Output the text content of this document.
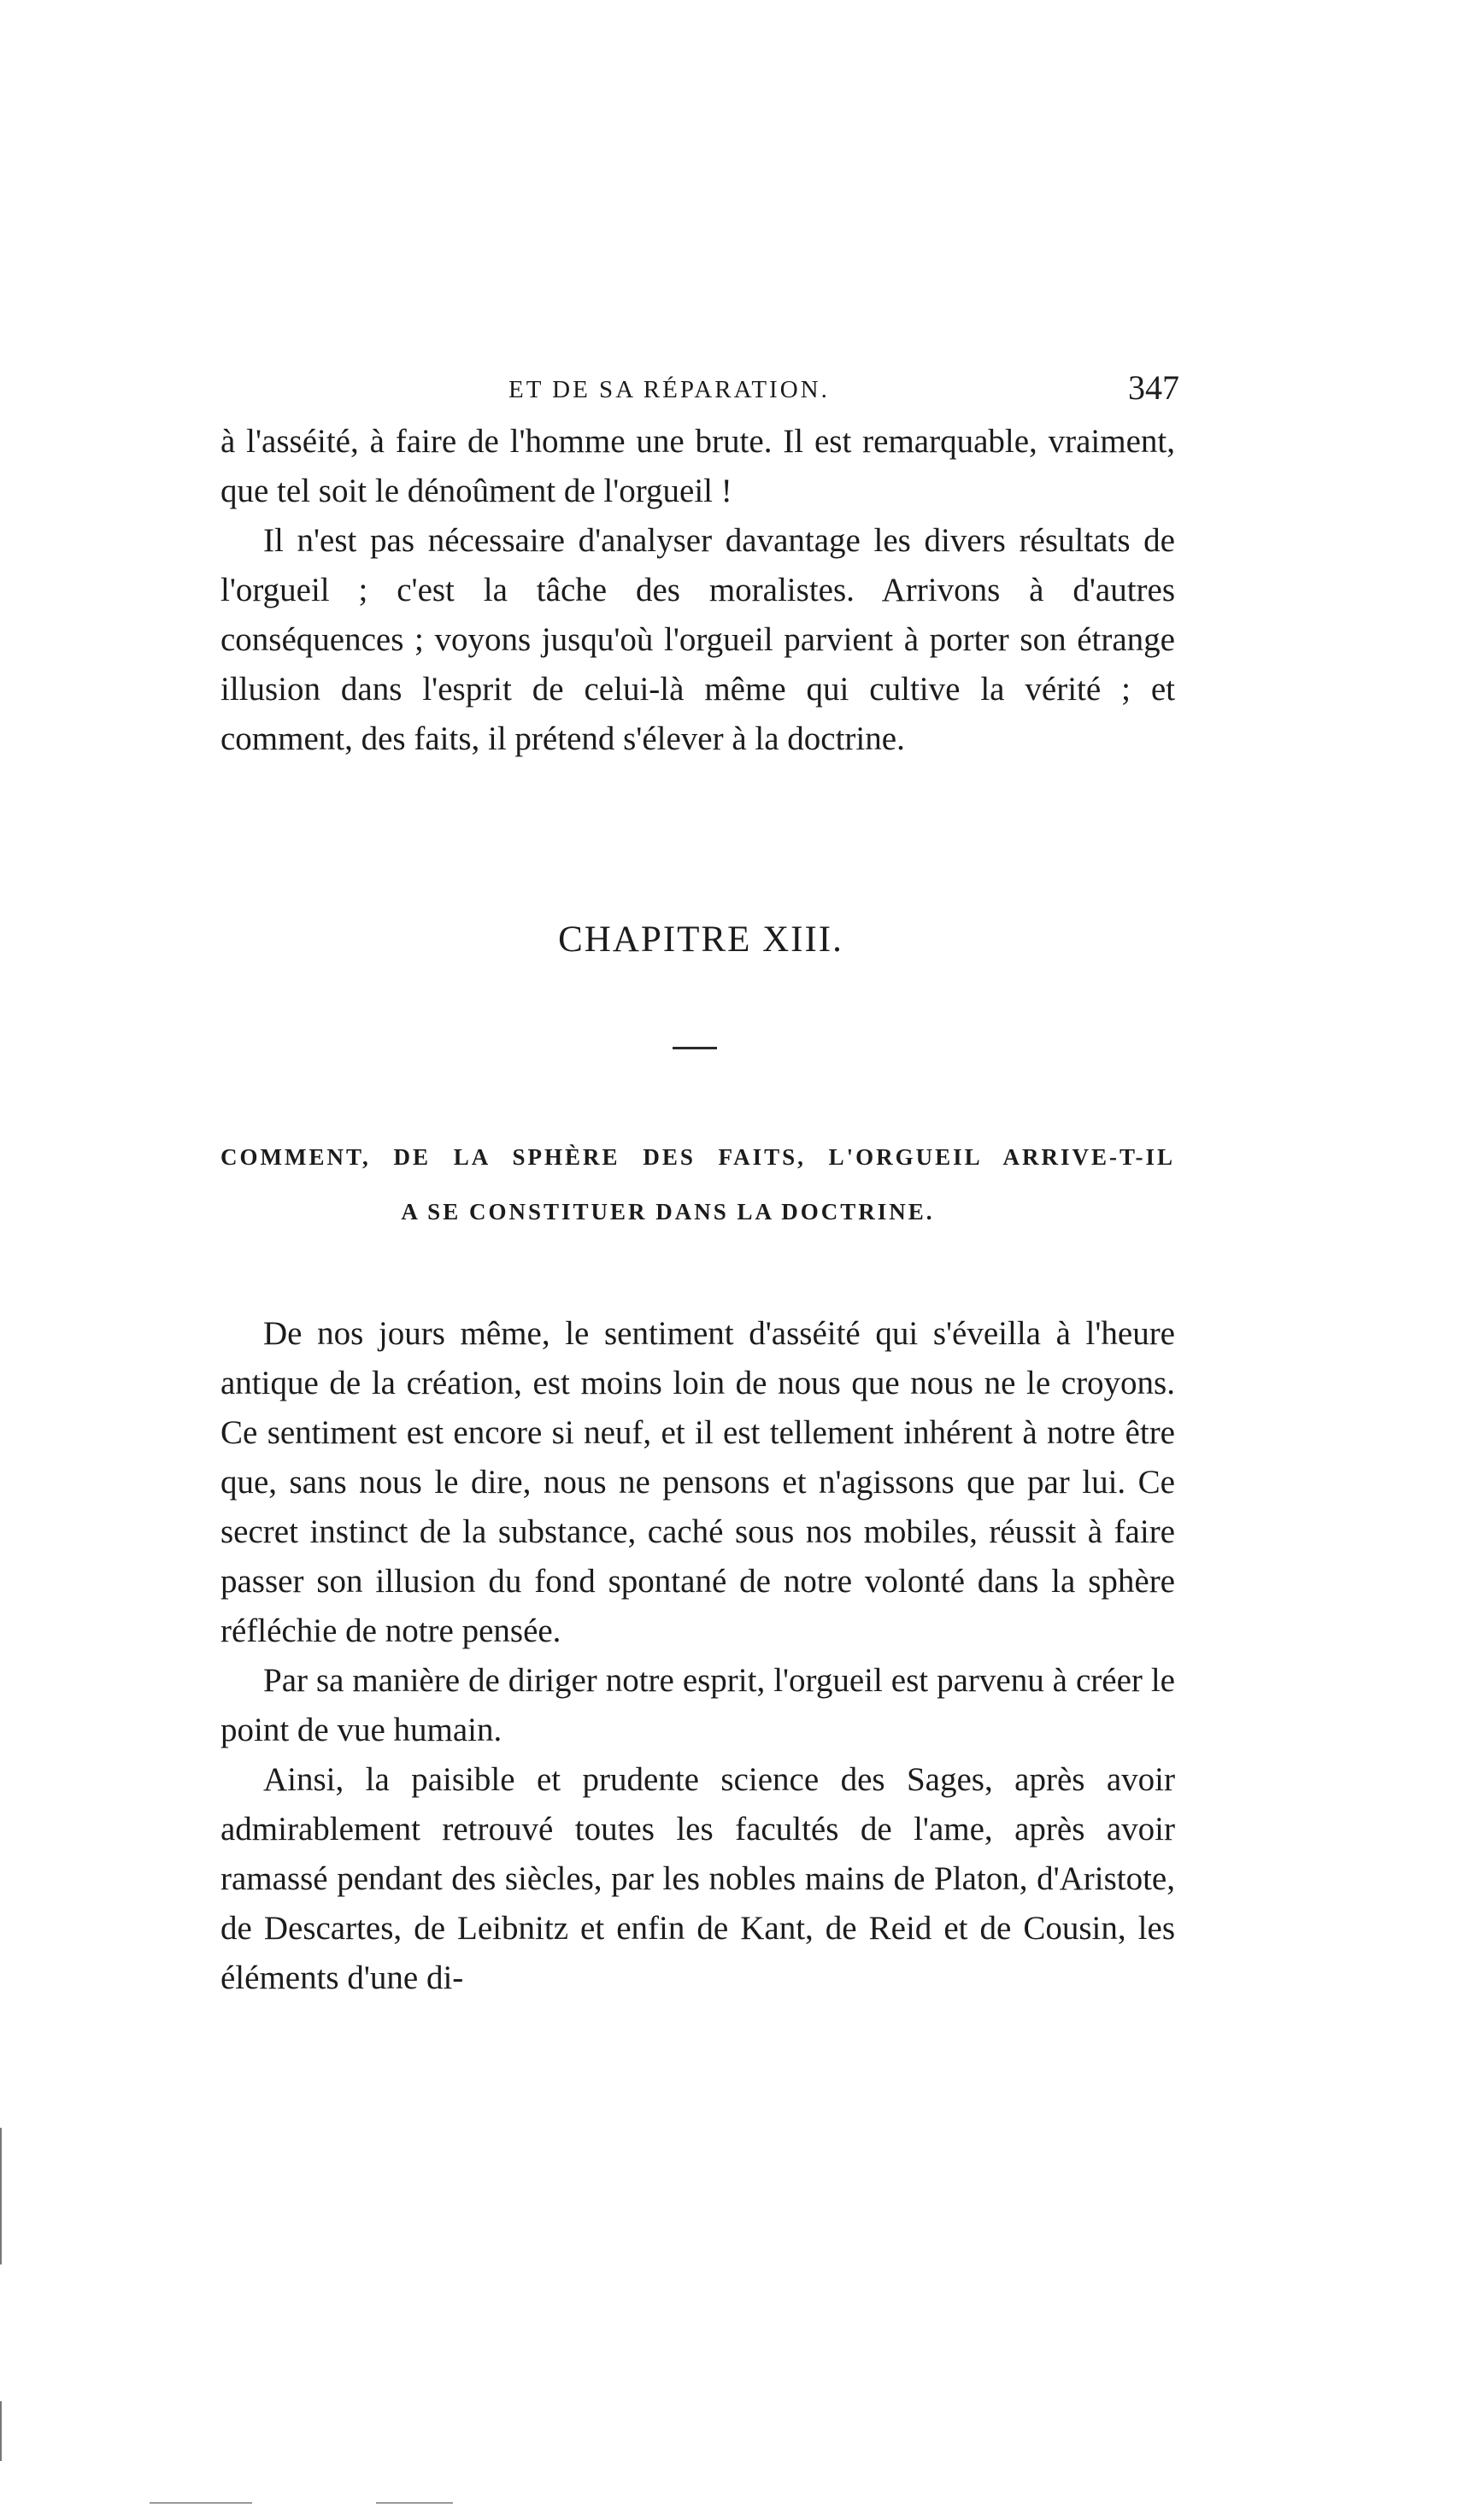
ET DE SA RÉPARATION.	347

à l'asséité, à faire de l'homme une brute. Il est remarquable, vraiment, que tel soit le dénoûment de l'orgueil !

Il n'est pas nécessaire d'analyser davantage les divers résultats de l'orgueil ; c'est la tâche des moralistes. Arrivons à d'autres conséquences ; voyons jusqu'où l'orgueil parvient à porter son étrange illusion dans l'esprit de celui-là même qui cultive la vérité ; et comment, des faits, il prétend s'élever à la doctrine.

CHAPITRE XIII.
COMMENT, DE LA SPHÈRE DES FAITS, L'ORGUEIL ARRIVE-T-IL
A SE CONSTITUER DANS LA DOCTRINE.

De nos jours même, le sentiment d'asséité qui s'éveilla à l'heure antique de la création, est moins loin de nous que nous ne le croyons. Ce sentiment est encore si neuf, et il est tellement inhérent à notre être que, sans nous le dire, nous ne pensons et n'agissons que par lui. Ce secret instinct de la substance, caché sous nos mobiles, réussit à faire passer son illusion du fond spontané de notre volonté dans la sphère réfléchie de notre pensée.

Par sa manière de diriger notre esprit, l'orgueil est parvenu à créer le point de vue humain.

Ainsi, la paisible et prudente science des Sages, après avoir admirablement retrouvé toutes les facultés de l'ame, après avoir ramassé pendant des siècles, par les nobles mains de Platon, d'Aristote, de Descartes, de Leibnitz et enfin de Kant, de Reid et de Cousin, les éléments d'une di-
